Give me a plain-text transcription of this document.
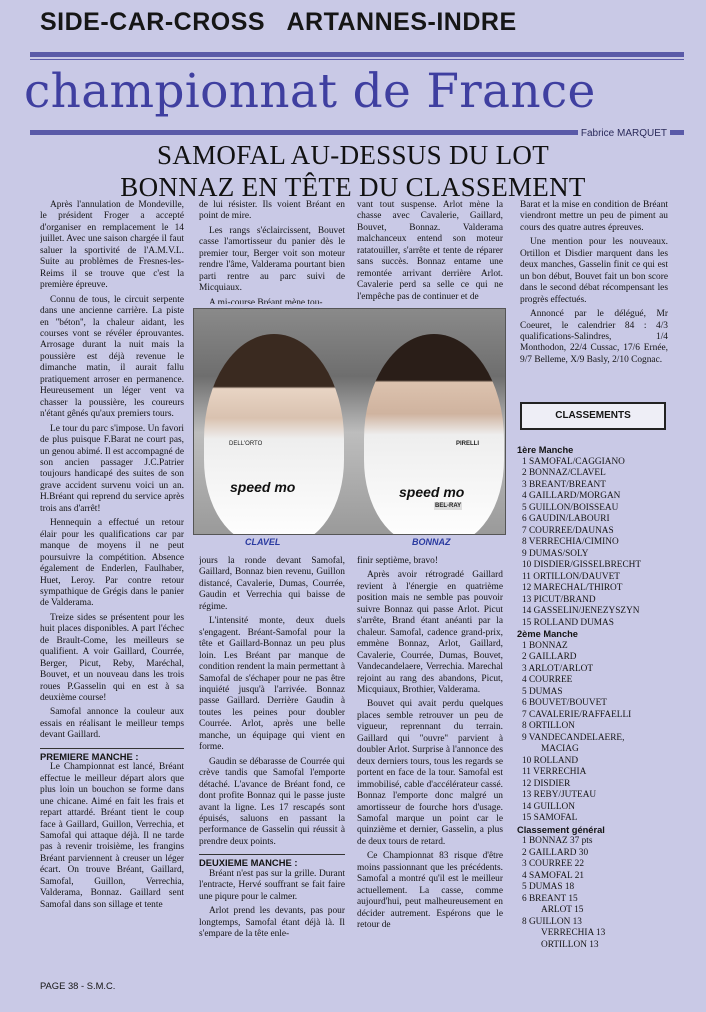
SIDE-CAR-CROSS   ARTANNES-INDRE
championnat de France
Fabrice MARQUET
SAMOFAL AU-DESSUS DU LOT
BONNAZ EN TÊTE DU CLASSEMENT

Après l'annulation de Mondeville, le président Froger a accepté d'organiser en remplacement le 14 juillet. Avec une saison chargée il faut saluer la sportivité de l'A.M.V.L. Suite au problèmes de Fresnes-les-Reims il se trouve que c'est la première épreuve.

Connu de tous, le circuit serpente dans une ancienne carrière. La piste en ''béton'', la chaleur aidant, les courses vont se révéler éprouvantes. Arrosage durant la nuit mais la poussière est déjà revenue le dimanche matin, il aurait fallu pratiquement arroser en permanence. Heureusement un léger vent va chasser la poussière, les coureurs n'étant gênés qu'aux premiers tours.

Le tour du parc s'impose. Un favori de plus puisque F.Barat ne court pas, un genou abimé. Il est accompagné de son ancien passager J.C.Patrier toujours handicapé des suites de son grave accident survenu voici un an. H.Bréant qui reprend du service après trois ans d'arrêt!

Hennequin a effectué un retour élair pour les qualifications car par manque de moyens il ne peut poursuivre la compétition. Absence également de Enderlen, Faulhaber, Huet, Leroy. Par contre retour sympathique de Grégis dans le panier de Valderama.

Treize sides se présentent pour les huit places disponibles. A part l'échec de Brault-Come, les meilleurs se qualifient. A voir Gaillard, Courrée, Berger, Picut, Reby, Maréchal, Bouvet, et un nouveau dans les trois roues P.Gasselin qui en est à sa deuxième course!

Samofal annonce la couleur aux essais en réalisant le meilleur temps devant Gaillard.

PREMIERE MANCHE :

Le Championnat est lancé, Bréant effectue le meilleur départ alors que plus loin un bouchon se forme dans une chicane. Aimé en fait les frais et repart attardé. Bréant tient le coup face à Gaillard, Guillon, Verrechia, et Samofal qui attaque déjà. Il ne tarde pas à revenir troisième, les frangins Bréant parviennent à creuser un léger écart. On trouve Bréant, Gaillard, Samofal, Guillon, Verrechia, Valderama, Bonnaz. Gaillard sent Samofal dans son sillage et tente

de lui résister. Ils voient Bréant en point de mire.

Les rangs s'éclaircissent, Bouvet casse l'amortisseur du panier dès le premier tour, Berger voit son moteur rendre l'âme, Valderama pourtant bien parti rentre au parc suivi de Micquiaux.

A mi-course Bréant mène tou-

vant tout suspense. Arlot mène la chasse avec Cavalerie, Gaillard, Bouvet, Bonnaz. Valderama malchanceux entend son moteur ratatouiller, s'arrête et tente de réparer sans succès. Bonnaz entame une remontée arrivant derrière Arlot. Cavalerie perd sa selle ce qui ne l'empêche pas de continuer et de

speed mo	speed mo
DELL'ORTO	PIRELLI
BEL-RAY
CLAVEL	BONNAZ

jours la ronde devant Samofal, Gaillard, Bonnaz bien revenu, Guillon distancé, Cavalerie, Dumas, Courrée, Gaudin et Verrechia qui baisse de régime.

L'intensité monte, deux duels s'engagent. Bréant-Samofal pour la tête et Gaillard-Bonnaz un peu plus loin. Les Bréant par manque de condition rendent la main permettant à Samofal de s'échaper pour ne pas être inquiété jusqu'à l'arrivée. Bonnaz passe Gaillard. Derrière Gaudin à toutes les peines pour doubler Courrée. Arlot, après une belle manche, un équipage qui vient en forme.

Gaudin se débarasse de Courrée qui crève tandis que Samofal l'emporte détaché. L'avance de Bréant fond, ce dont profite Bonnaz qui le passe juste avant la ligne. Les 17 rescapés sont épuisés, saluons en passant la performance de Gasselin qui réussit à prendre deux points.

DEUXIEME MANCHE :

Bréant n'est pas sur la grille. Durant l'entracte, Hervé souffrant se fait faire une piqure pour le calmer.

Arlot prend les devants, pas pour longtemps, Samofal étant déjà là. Il s'empare de la tête enle-

finir septième, bravo!

Après avoir rétrogradé Gaillard revient à l'énergie en quatrième position mais ne semble pas pouvoir suivre Bonnaz qui passe Arlot. Picut s'arrête, Brand étant anéanti par la chaleur. Samofal, cadence grand-prix, emmène Bonnaz, Arlot, Gaillard, Cavalerie, Courrée, Dumas, Bouvet, Vandecandelaere, Verrechia. Marechal rejoint au rang des abandons, Picut, Micquiaux, Brothier, Valderama.

Bouvet qui avait perdu quelques places semble retrouver un peu de vigueur, reprennant du terrain. Gaillard qui ''ouvre'' parvient à doubler Arlot. Surprise à l'annonce des deux derniers tours, tous les regards se portent en face de la tour. Samofal est immobilisé, cable d'accélérateur cassé. Bonnaz l'emporte donc malgré un amortisseur de fourche hors d'usage. Samofal marque un point car le quinzième et dernier, Gasselin, a plus de deux tours de retard.

Ce Championnat 83 risque d'être moins passionnant que les précédents. Samofal a montré qu'il est le meilleur actuellement. La casse, comme aujourd'hui, peut malheureusement en décider autrement. Espérons que le retour de

Barat et la mise en condition de Bréant viendront mettre un peu de piment au cours des quatre autres épreuves.

Une mention pour les nouveaux. Ortillon et Disdier marquent dans les deux manches, Gasselin finit ce qui est un bon début, Bouvet fait un bon score dans le second débat récompensant les progrès effectués.

Annoncé par le délégué, Mr Coeuret, le calendrier 84 : 4/3 qualifications-Salindres, 1/4 Monthodon, 22/4 Cussac, 17/6 Ernée, 9/7 Belleme, X/9 Basly, 2/10 Cognac.

CLASSEMENTS
1ère Manche
1 SAMOFAL/CAGGIANO
2 BONNAZ/CLAVEL
3 BREANT/BREANT
4 GAILLARD/MORGAN
5 GUILLON/BOISSEAU
6 GAUDIN/LABOURI
7 COURREE/DAUNAS
8 VERRECHIA/CIMINO
9 DUMAS/SOLY
10 DISDIER/GISSELBRECHT
11 ORTILLON/DAUVET
12 MARECHAL/THIROT
13 PICUT/BRAND
14 GASSELIN/JENEZYSZYN
15 ROLLAND DUMAS
2ème Manche
1 BONNAZ
2 GAILLARD
3 ARLOT/ARLOT
4 COURREE
5 DUMAS
6 BOUVET/BOUVET
7 CAVALERIE/RAFFAELLI
8 ORTILLON
9 VANDECANDELAERE,
MACIAG
10 ROLLAND
11 VERRECHIA
12 DISDIER
13 REBY/JUTEAU
14 GUILLON
15 SAMOFAL
Classement général
1 BONNAZ 37 pts
2 GAILLARD 30
3 COURREE 22
4 SAMOFAL 21
5 DUMAS 18
6 BREANT 15
ARLOT 15
8 GUILLON 13
VERRECHIA 13
ORTILLON 13
PAGE 38 - S.M.C.
